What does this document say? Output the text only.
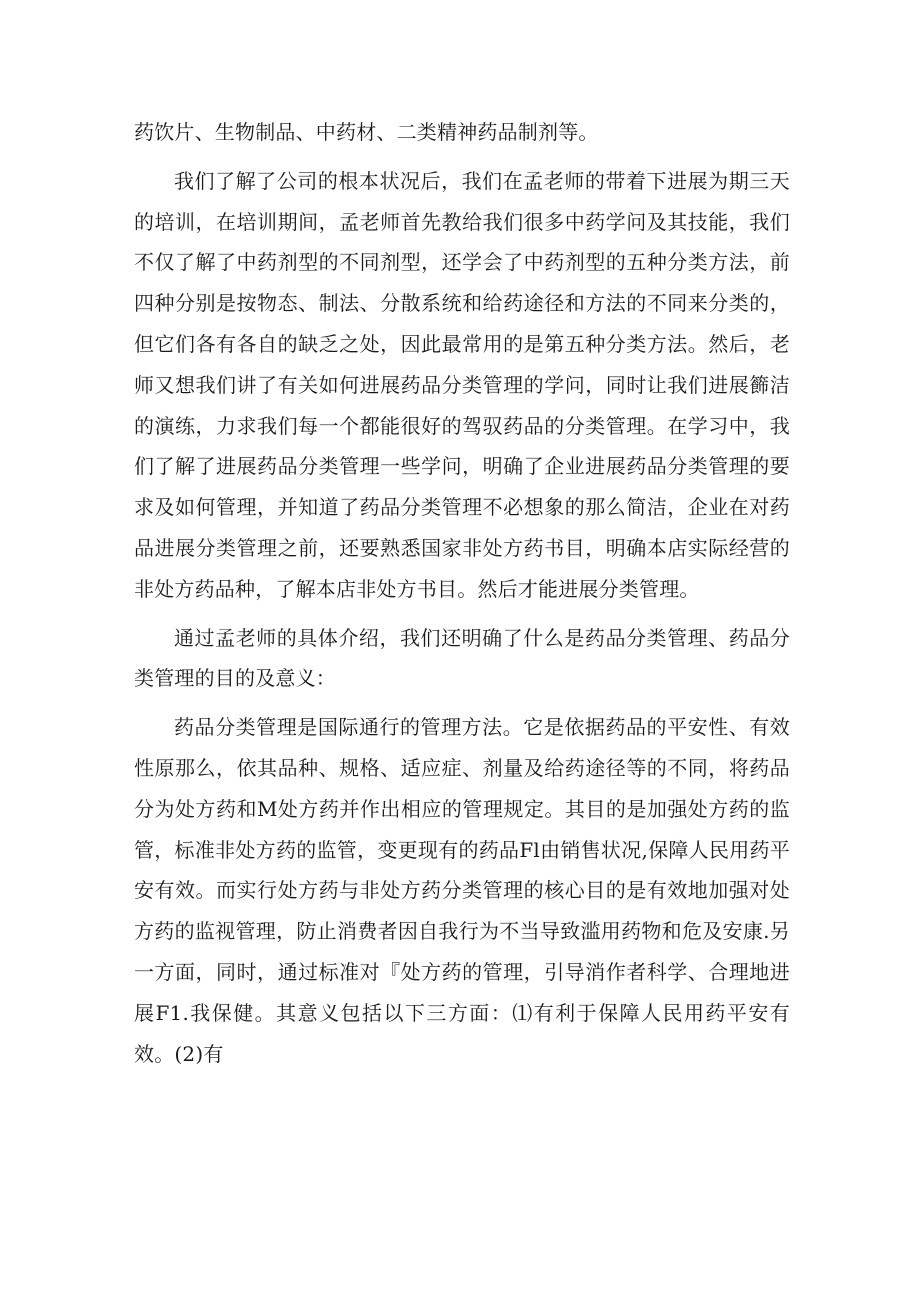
药饮片、生物制品、中药材、二类精神药品制剂等。

我们了解了公司的根本状况后，我们在孟老师的带着下进展为期三天的培训，在培训期间，孟老师首先教给我们很多中药学问及其技能，我们不仅了解了中药剂型的不同剂型，还学会了中药剂型的五种分类方法，前四种分别是按物态、制法、分散系统和给药途径和方法的不同来分类的，但它们各有各自的缺乏之处，因此最常用的是第五种分类方法。然后，老师又想我们讲了有关如何进展药品分类管理的学问，同时让我们进展籂洁的演练，力求我们每一个都能很好的驾驭药品的分类管理。在学习中，我们了解了进展药品分类管理一些学问，明确了企业进展药品分类管理的要求及如何管理，并知道了药品分类管理不必想象的那么简洁，企业在对药品进展分类管理之前，还要熟悉国家非处方药书目，明确本店实际经营的非处方药品种，了解本店非处方书目。然后才能进展分类管理。

通过孟老师的具体介绍，我们还明确了什么是药品分类管理、药品分类管理的目的及意义：

药品分类管理是国际通行的管理方法。它是依据药品的平安性、有效性原那么，依其品种、规格、适应症、剂量及给药途径等的不同，将药品分为处方药和M处方药并作出相应的管理规定。其目的是加强处方药的监管，标准非处方药的监管，变更现有的药品Fl由销售状况,保障人民用药平安有效。而实行处方药与非处方药分类管理的核心目的是有效地加强对处方药的监视管理，防止消费者因自我行为不当导致滥用药物和危及安康.另一方面，同时，通过标准对『处方药的管理，引导消作者科学、合理地进展F1.我保健。其意义包括以下三方面：⑴有利于保障人民用药平安有效。(2)有
